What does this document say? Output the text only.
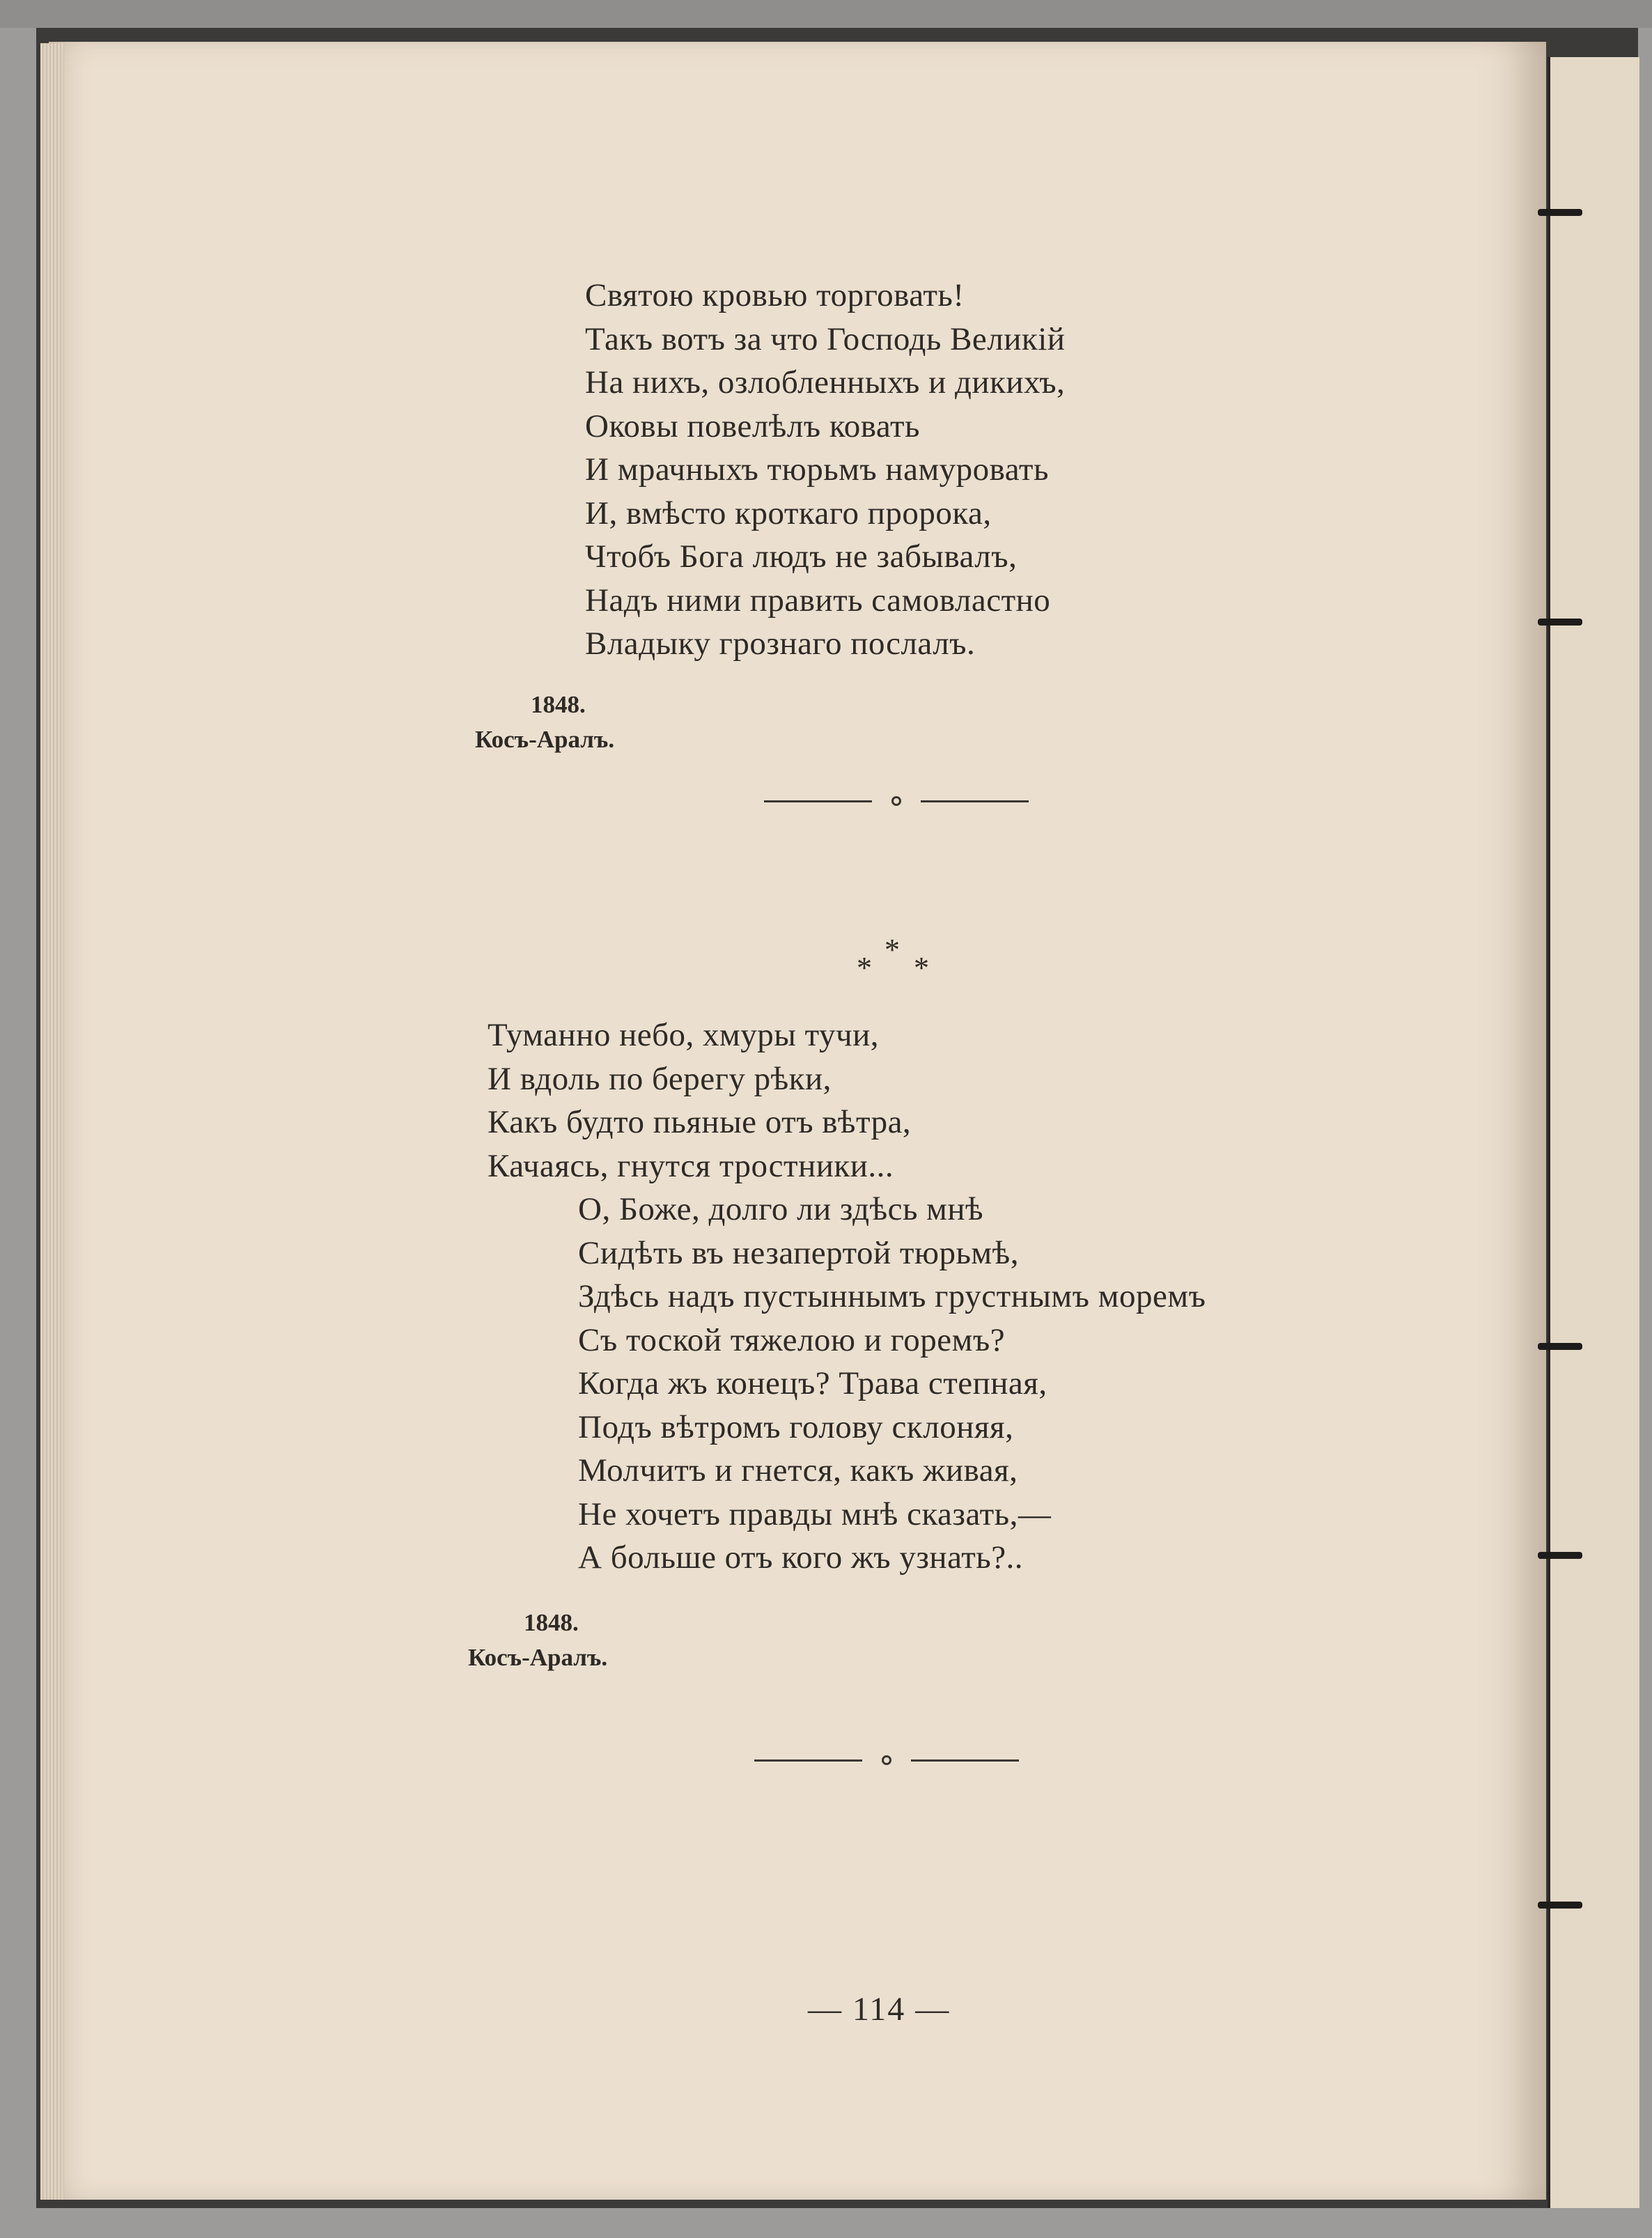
Святою кровью торговать!
Такъ вотъ за что Господь Великій
На нихъ, озлобленныхъ и дикихъ,
Оковы повелѣлъ ковать
И мрачныхъ тюрьмъ намуровать
И, вмѣсто кроткаго пророка,
Чтобъ Бога людъ не забывалъ,
Надъ ними править самовластно
Владыку грознаго послалъ.
1848.
Косъ-Аралъ.
*
* *
Туманно небо, хмуры тучи,
И вдоль по берегу рѣки,
Какъ будто пьяные отъ вѣтра,
Качаясь, гнутся тростники...
О, Боже, долго ли здѣсь мнѣ
Сидѣть въ незапертой тюрьмѣ,
Здѣсь надъ пустыннымъ грустнымъ моремъ
Съ тоской тяжелою и горемъ?
Когда жъ конецъ? Трава степная,
Подъ вѣтромъ голову склоняя,
Молчитъ и гнется, какъ живая,
Не хочетъ правды мнѣ сказать,—
А больше отъ кого жъ узнать?..
1848.
Косъ-Аралъ.
— 114 —
